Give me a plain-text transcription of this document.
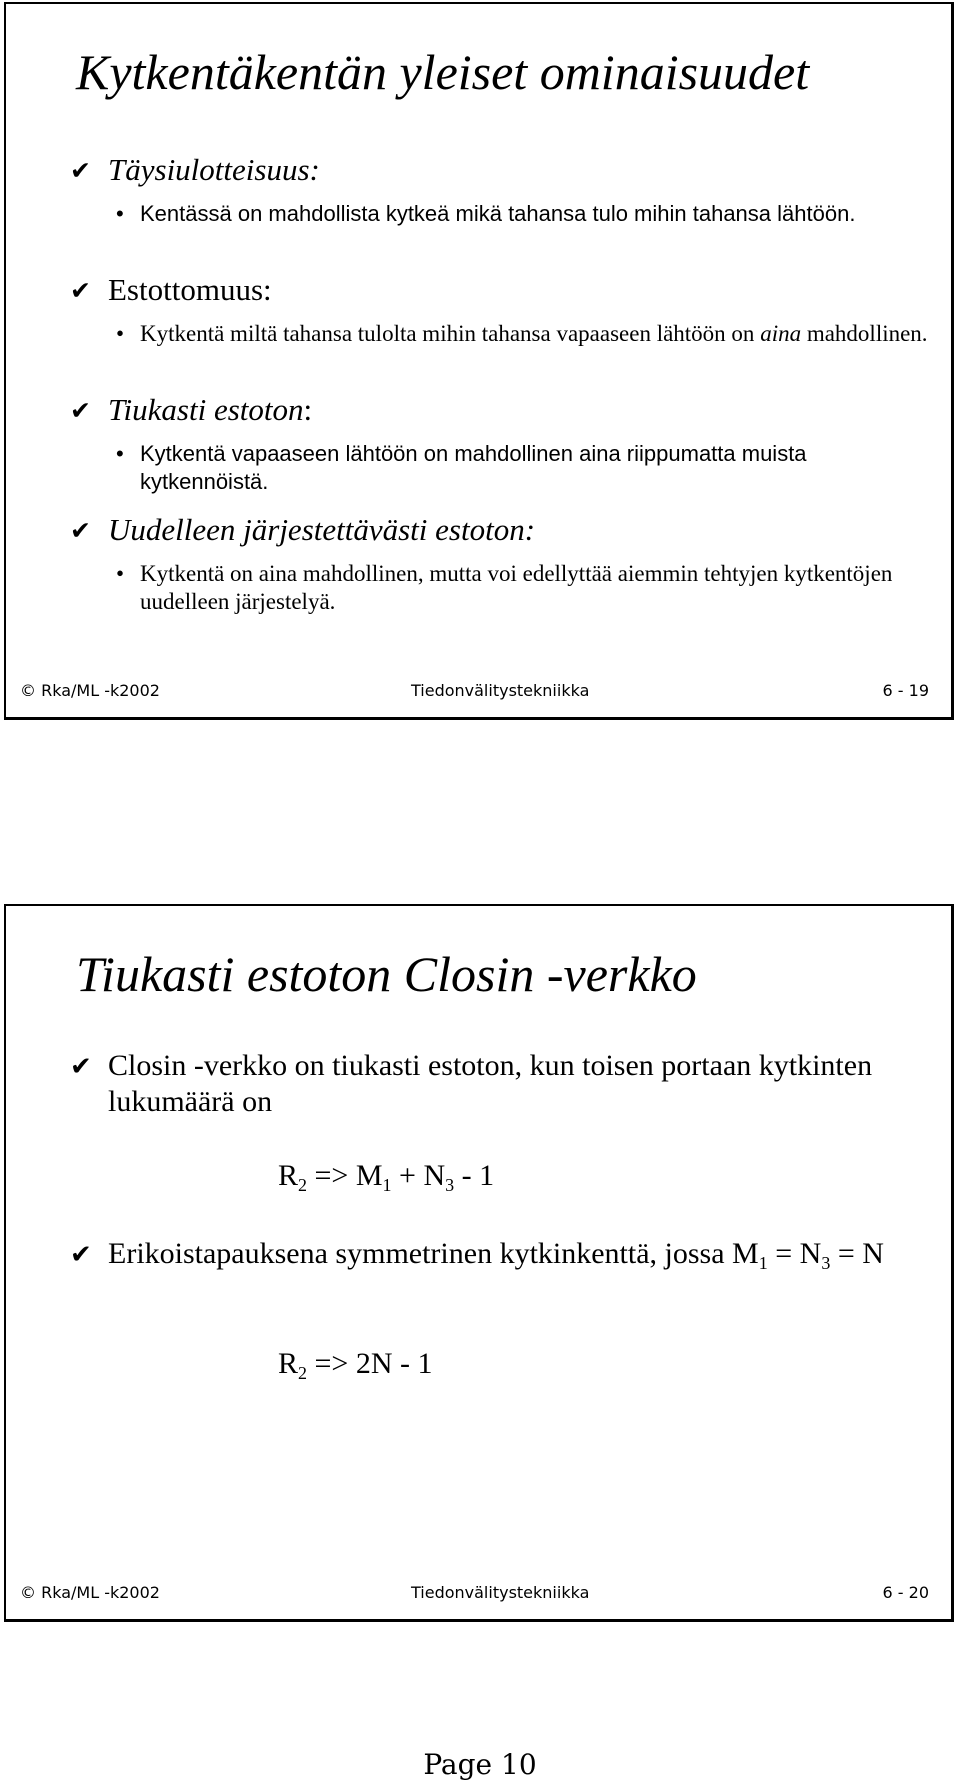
Kytkentäkentän yleiset ominaisuudet
✔ Täysiulotteisuus:
• Kentässä on mahdollista kytkeä mikä tahansa tulo mihin tahansa lähtöön.
✔ Estottomuus:
• Kytkentä miltä tahansa tulolta mihin tahansa vapaaseen lähtöön on aina mahdollinen.
✔ Tiukasti estoton:
• Kytkentä vapaaseen lähtöön on mahdollinen aina riippumatta muista kytkennöistä.
✔ Uudelleen järjestettävästi estoton:
• Kytkentä on aina mahdollinen, mutta voi edellyttää aiemmin tehtyjen kytkentöjen uudelleen järjestelyä.
© Rka/ML -k2002	Tiedonvälitystekniikka	6 - 19
Tiukasti estoton Closin -verkko
✔ Closin -verkko on tiukasti estoton, kun toisen portaan kytkinten lukumäärä on
$R_2 => M_1 + N_3 - 1$
✔ Erikoistapauksena symmetrinen kytkinkenttä, jossa $M_1 = N_3 = N$
$R_2 => 2N - 1$
© Rka/ML -k2002	Tiedonvälitystekniikka	6 - 20
Page 10
